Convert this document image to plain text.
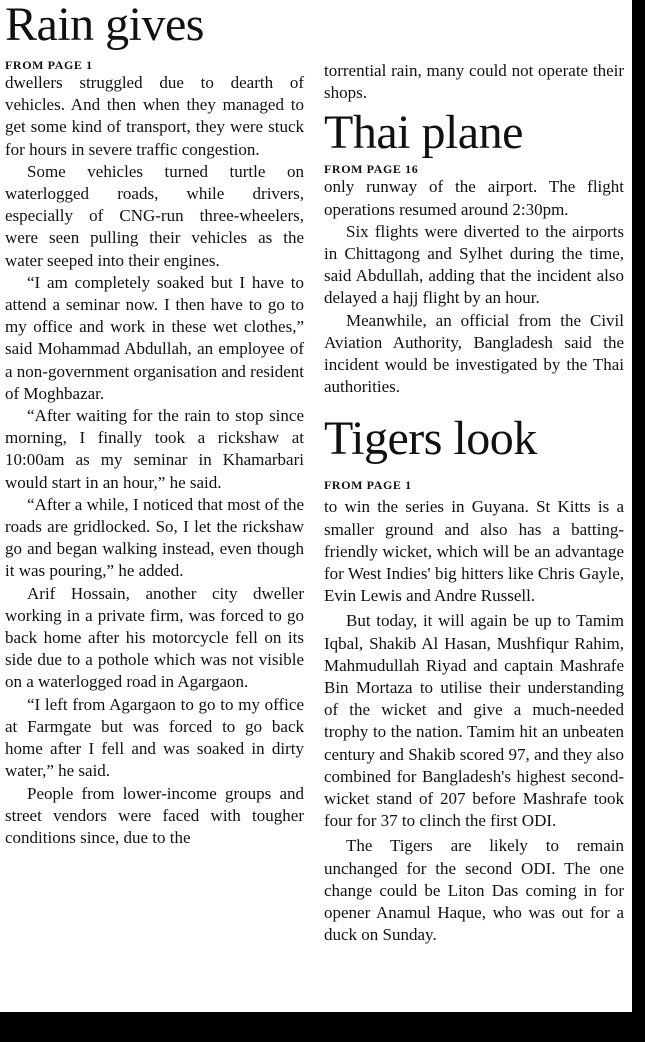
Rain gives

FROM PAGE 1

dwellers struggled due to dearth of vehicles. And then when they managed to get some kind of transport, they were stuck for hours in severe traffic congestion.

Some vehicles turned turtle on waterlogged roads, while drivers, especially of CNG-run three-wheelers, were seen pulling their vehicles as the water seeped into their engines.

“I am completely soaked but I have to attend a seminar now. I then have to go to my office and work in these wet clothes,” said Mohammad Abdullah, an employee of a non-government organisation and resident of Moghbazar.

“After waiting for the rain to stop since morning, I finally took a rickshaw at 10:00am as my seminar in Khamarbari would start in an hour,” he said.

“After a while, I noticed that most of the roads are gridlocked. So, I let the rickshaw go and began walking instead, even though it was pouring,” he added.

Arif Hossain, another city dweller working in a private firm, was forced to go back home after his motorcycle fell on its side due to a pothole which was not visible on a waterlogged road in Agargaon.

“I left from Agargaon to go to my office at Farmgate but was forced to go back home after I fell and was soaked in dirty water,” he said.

People from lower-income groups and street vendors were faced with tougher conditions since, due to the

torrential rain, many could not operate their shops.

Thai plane

FROM PAGE 16

only runway of the airport. The flight operations resumed around 2:30pm.

Six flights were diverted to the airports in Chittagong and Sylhet during the time, said Abdullah, adding that the incident also delayed a hajj flight by an hour.

Meanwhile, an official from the Civil Aviation Authority, Bangladesh said the incident would be investigated by the Thai authorities.

Tigers look

FROM PAGE 1

to win the series in Guyana. St Kitts is a smaller ground and also has a batting-friendly wicket, which will be an advantage for West Indies' big hitters like Chris Gayle, Evin Lewis and Andre Russell.

But today, it will again be up to Tamim Iqbal, Shakib Al Hasan, Mushfiqur Rahim, Mahmudullah Riyad and captain Mashrafe Bin Mortaza to utilise their understanding of the wicket and give a much-needed trophy to the nation. Tamim hit an unbeaten century and Shakib scored 97, and they also combined for Bangladesh's highest second-wicket stand of 207 before Mashrafe took four for 37 to clinch the first ODI.

The Tigers are likely to remain unchanged for the second ODI. The one change could be Liton Das coming in for opener Anamul Haque, who was out for a duck on Sunday.
